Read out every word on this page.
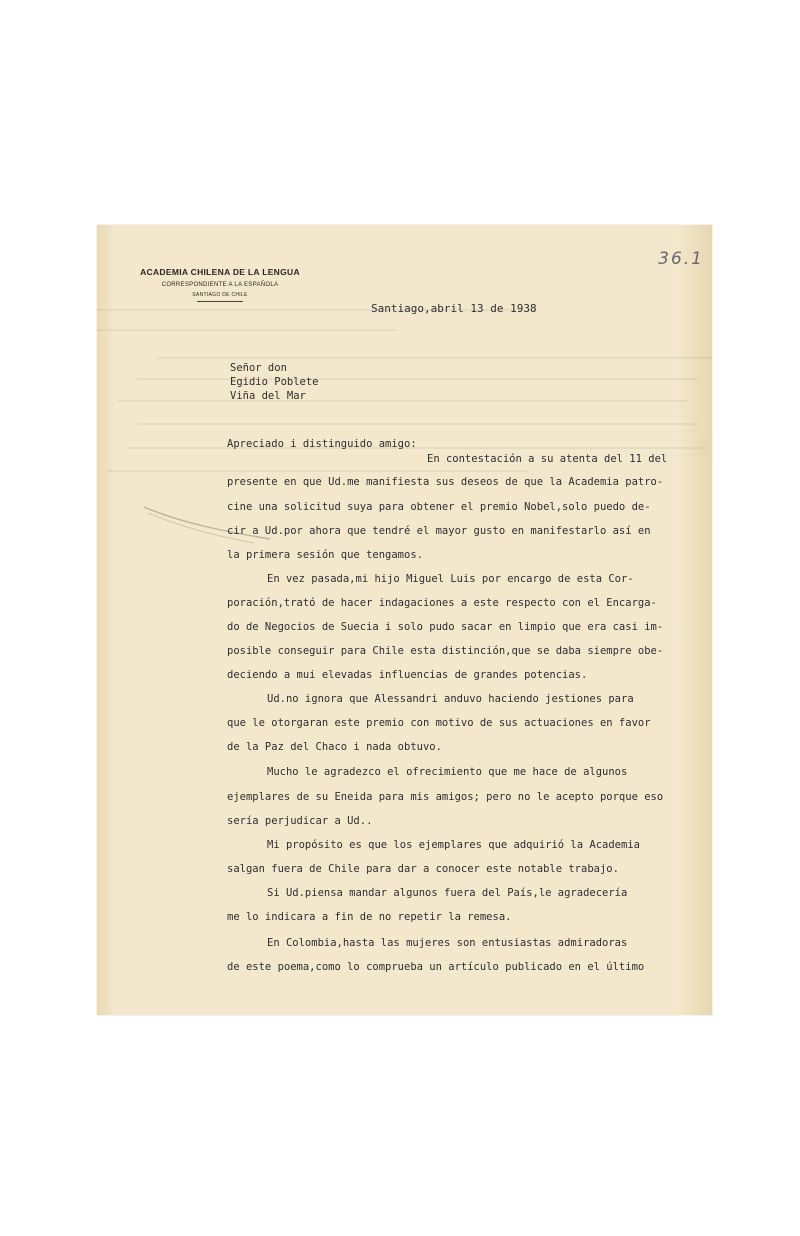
ACADEMIA CHILENA DE LA LENGUA
CORRESPONDIENTE A LA ESPAÑOLA
SANTIAGO DE CHILE
36.1
Santiago,abril 13 de 1938
Señor don
Egidio Poblete
Viña del Mar
Apreciado i distinguido amigo:
En contestación a su atenta del 11 del
presente en que Ud.me manifiesta sus deseos de que la Academia patro-
cine una solicitud suya para obtener el premio Nobel,solo puedo de-
cir a Ud.por ahora que tendré el mayor gusto en manifestarlo así en
la primera sesión que tengamos.
En vez pasada,mi hijo Miguel Luis por encargo de esta Cor-
poración,trató de hacer indagaciones a este respecto con el Encarga-
do de Negocios de Suecia i solo pudo sacar en limpio que era casi im-
posible conseguir para Chile esta distinción,que se daba siempre obe-
deciendo a mui elevadas influencias de grandes potencias.
Ud.no ignora que Alessandri anduvo haciendo jestiones para
que le otorgaran este premio con motivo de sus actuaciones en favor
de la Paz del Chaco i nada obtuvo.
Mucho le agradezco el ofrecimiento que me hace de algunos
ejemplares de su Eneida para mis amigos; pero no le acepto porque eso
sería perjudicar a Ud..
Mi propósito es que los ejemplares que adquirió la Academia
salgan fuera de Chile para dar a conocer este notable trabajo.
Si Ud.piensa mandar algunos fuera del País,le agradecería
me lo indicara a fin de no repetir la remesa.
En Colombia,hasta las mujeres son entusiastas admiradoras
de este poema,como lo comprueba un artículo publicado en el último
